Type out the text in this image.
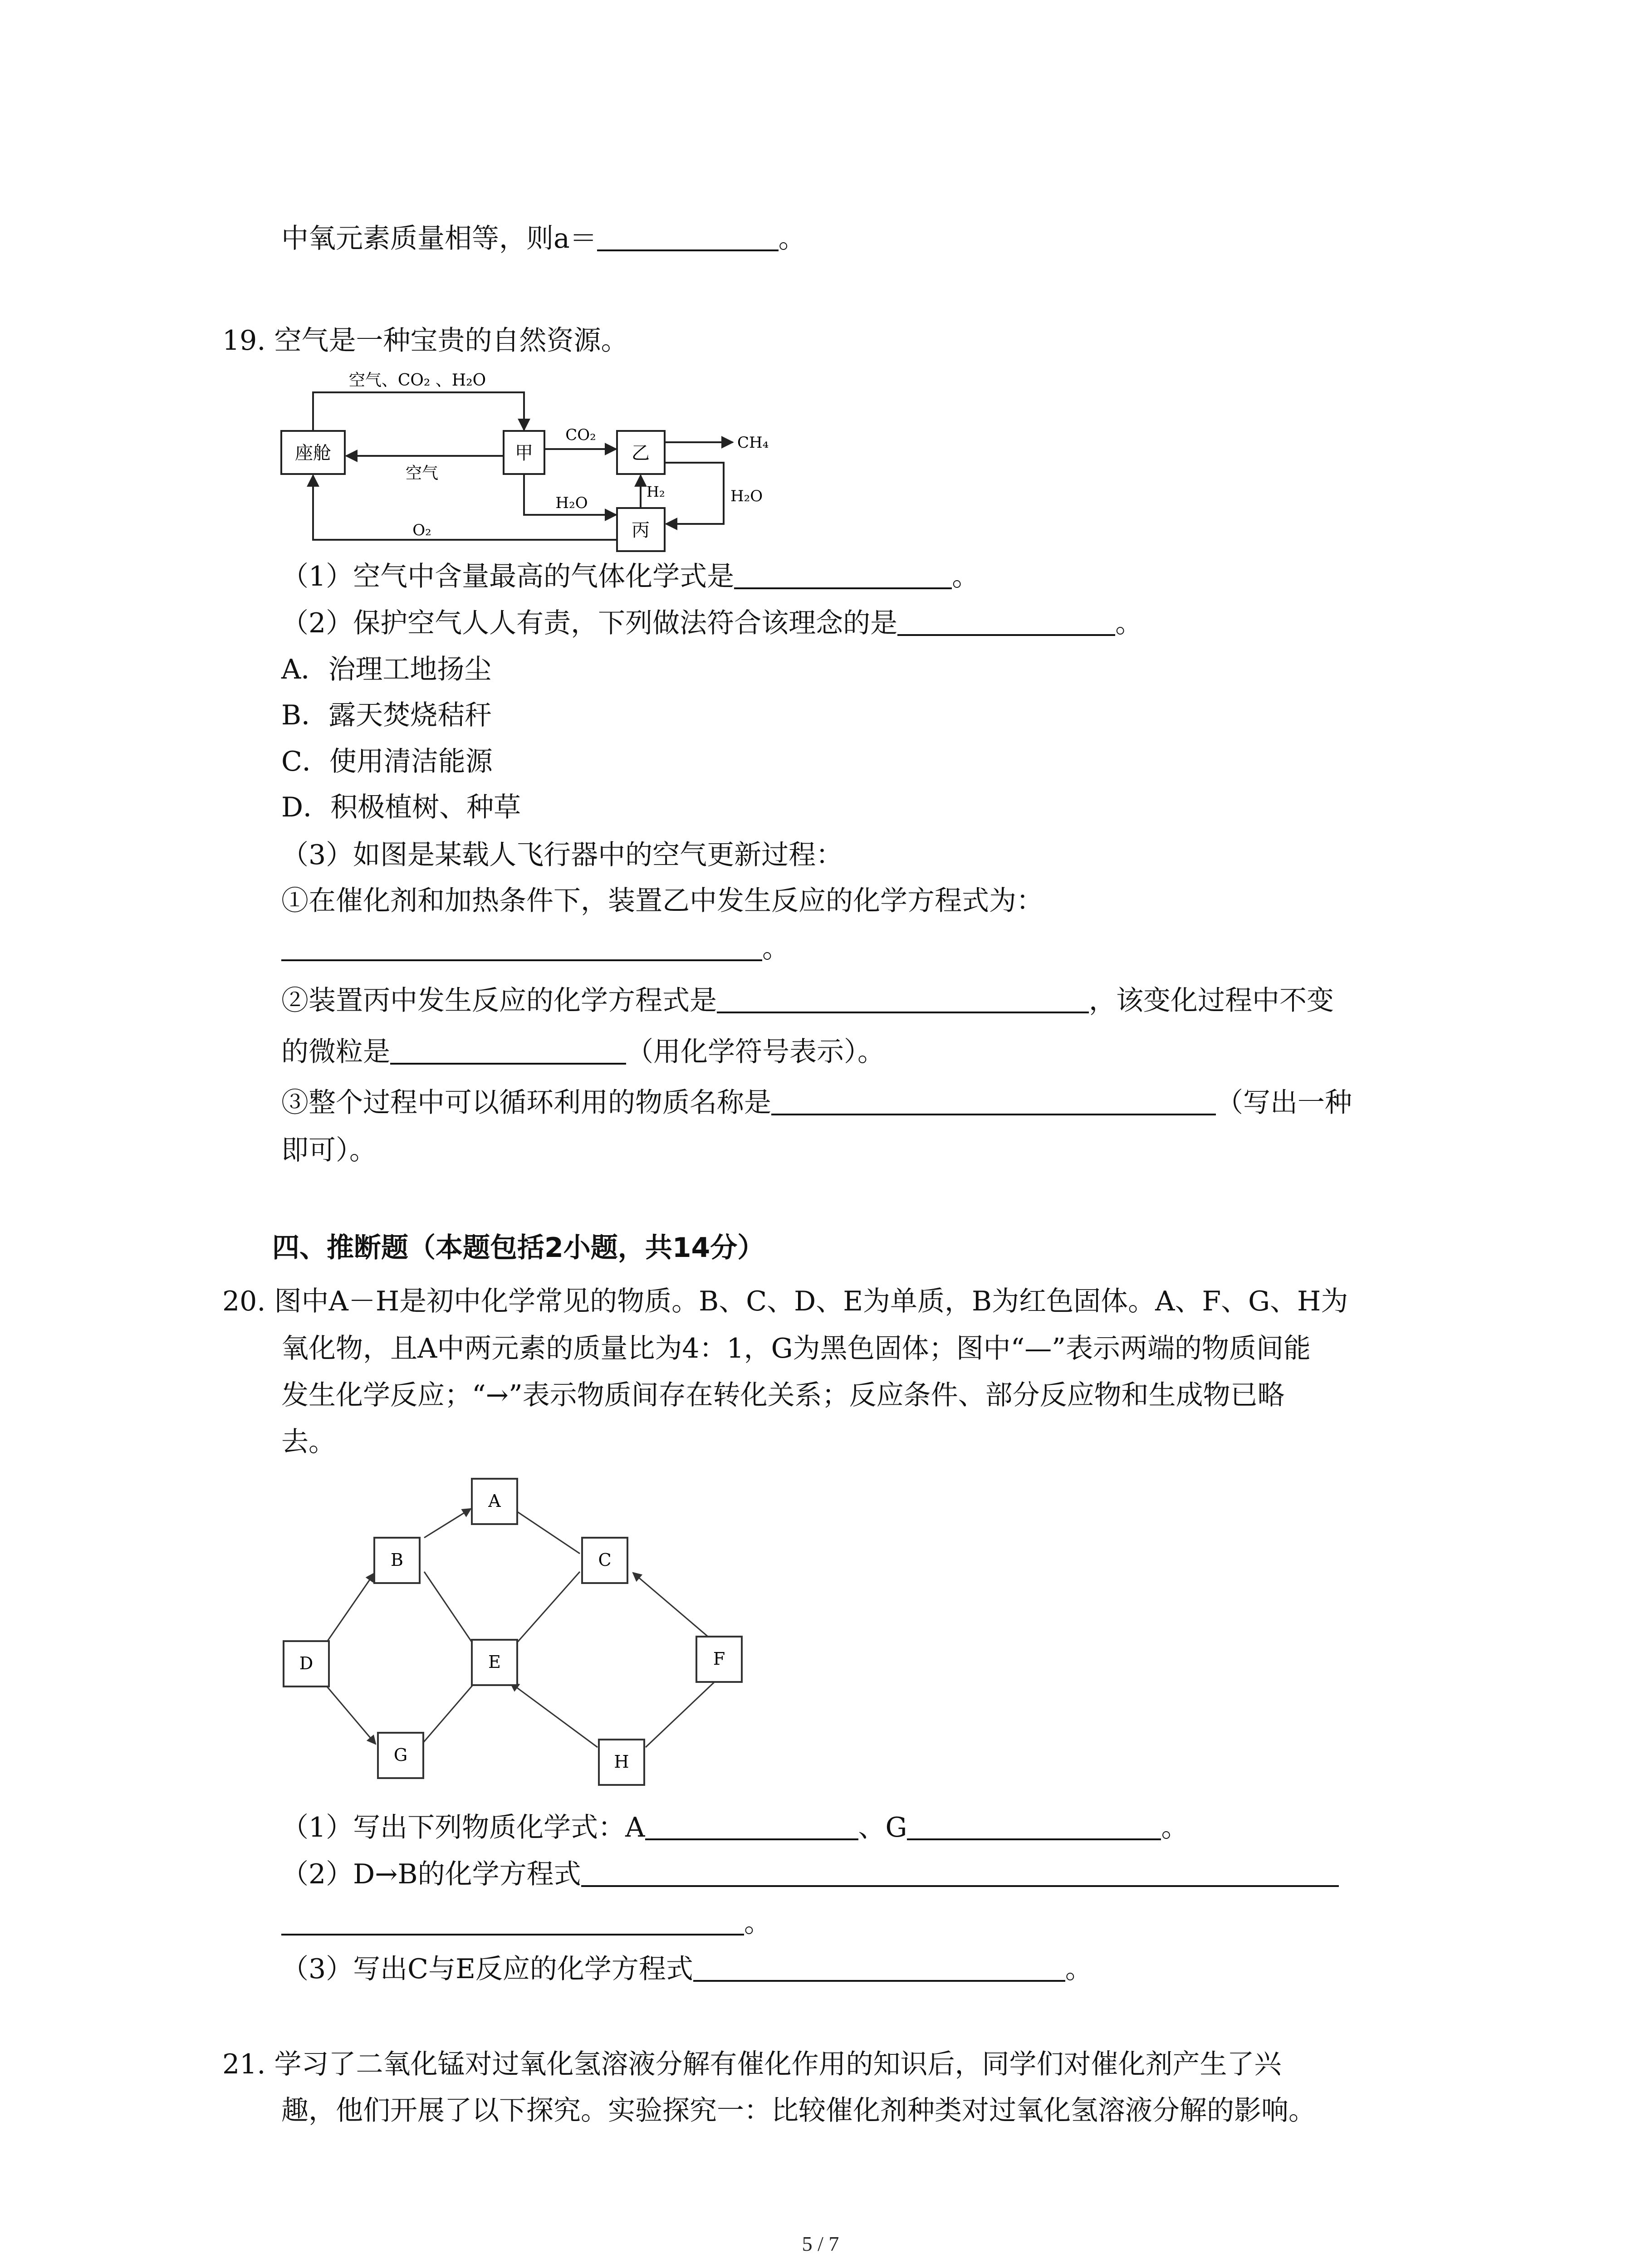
中氧元素质量相等，则a＝	。
19. 空气是一种宝贵的自然资源。
座舱	甲	乙
丙
空气、CO₂ 、H₂O
空气
CO₂	CH₄
H₂O
H₂
H₂O
O₂
（1）空气中含量最高的气体化学式是	。
（2）保护空气人人有责，下列做法符合该理念的是	。
A．治理工地扬尘
B．露天焚烧秸秆
C．使用清洁能源
D．积极植树、种草
（3）如图是某载人飞行器中的空气更新过程：
①在催化剂和加热条件下，装置乙中发生反应的化学方程式为：
。
②装置丙中发生反应的化学方程式是	，该变化过程中不变
的微粒是	（用化学符号表示）。
③整个过程中可以循环利用的物质名称是	（写出一种
即可）。
四、推断题（本题包括2小题，共14分）
20. 图中A－H是初中化学常见的物质。B、C、D、E为单质，B为红色固体。A、F、G、H为
氧化物，且A中两元素的质量比为4：1，G为黑色固体；图中“—”表示两端的物质间能
发生化学反应；“→”表示物质间存在转化关系；反应条件、部分反应物和生成物已略
去。
A
B	C
D	E	F
G	H
（1）写出下列物质化学式：A	、G	。
（2）D→B的化学方程式
。
（3）写出C与E反应的化学方程式	。
21. 学习了二氧化锰对过氧化氢溶液分解有催化作用的知识后，同学们对催化剂产生了兴
趣，他们开展了以下探究。实验探究一：比较催化剂种类对过氧化氢溶液分解的影响。
5 / 7
